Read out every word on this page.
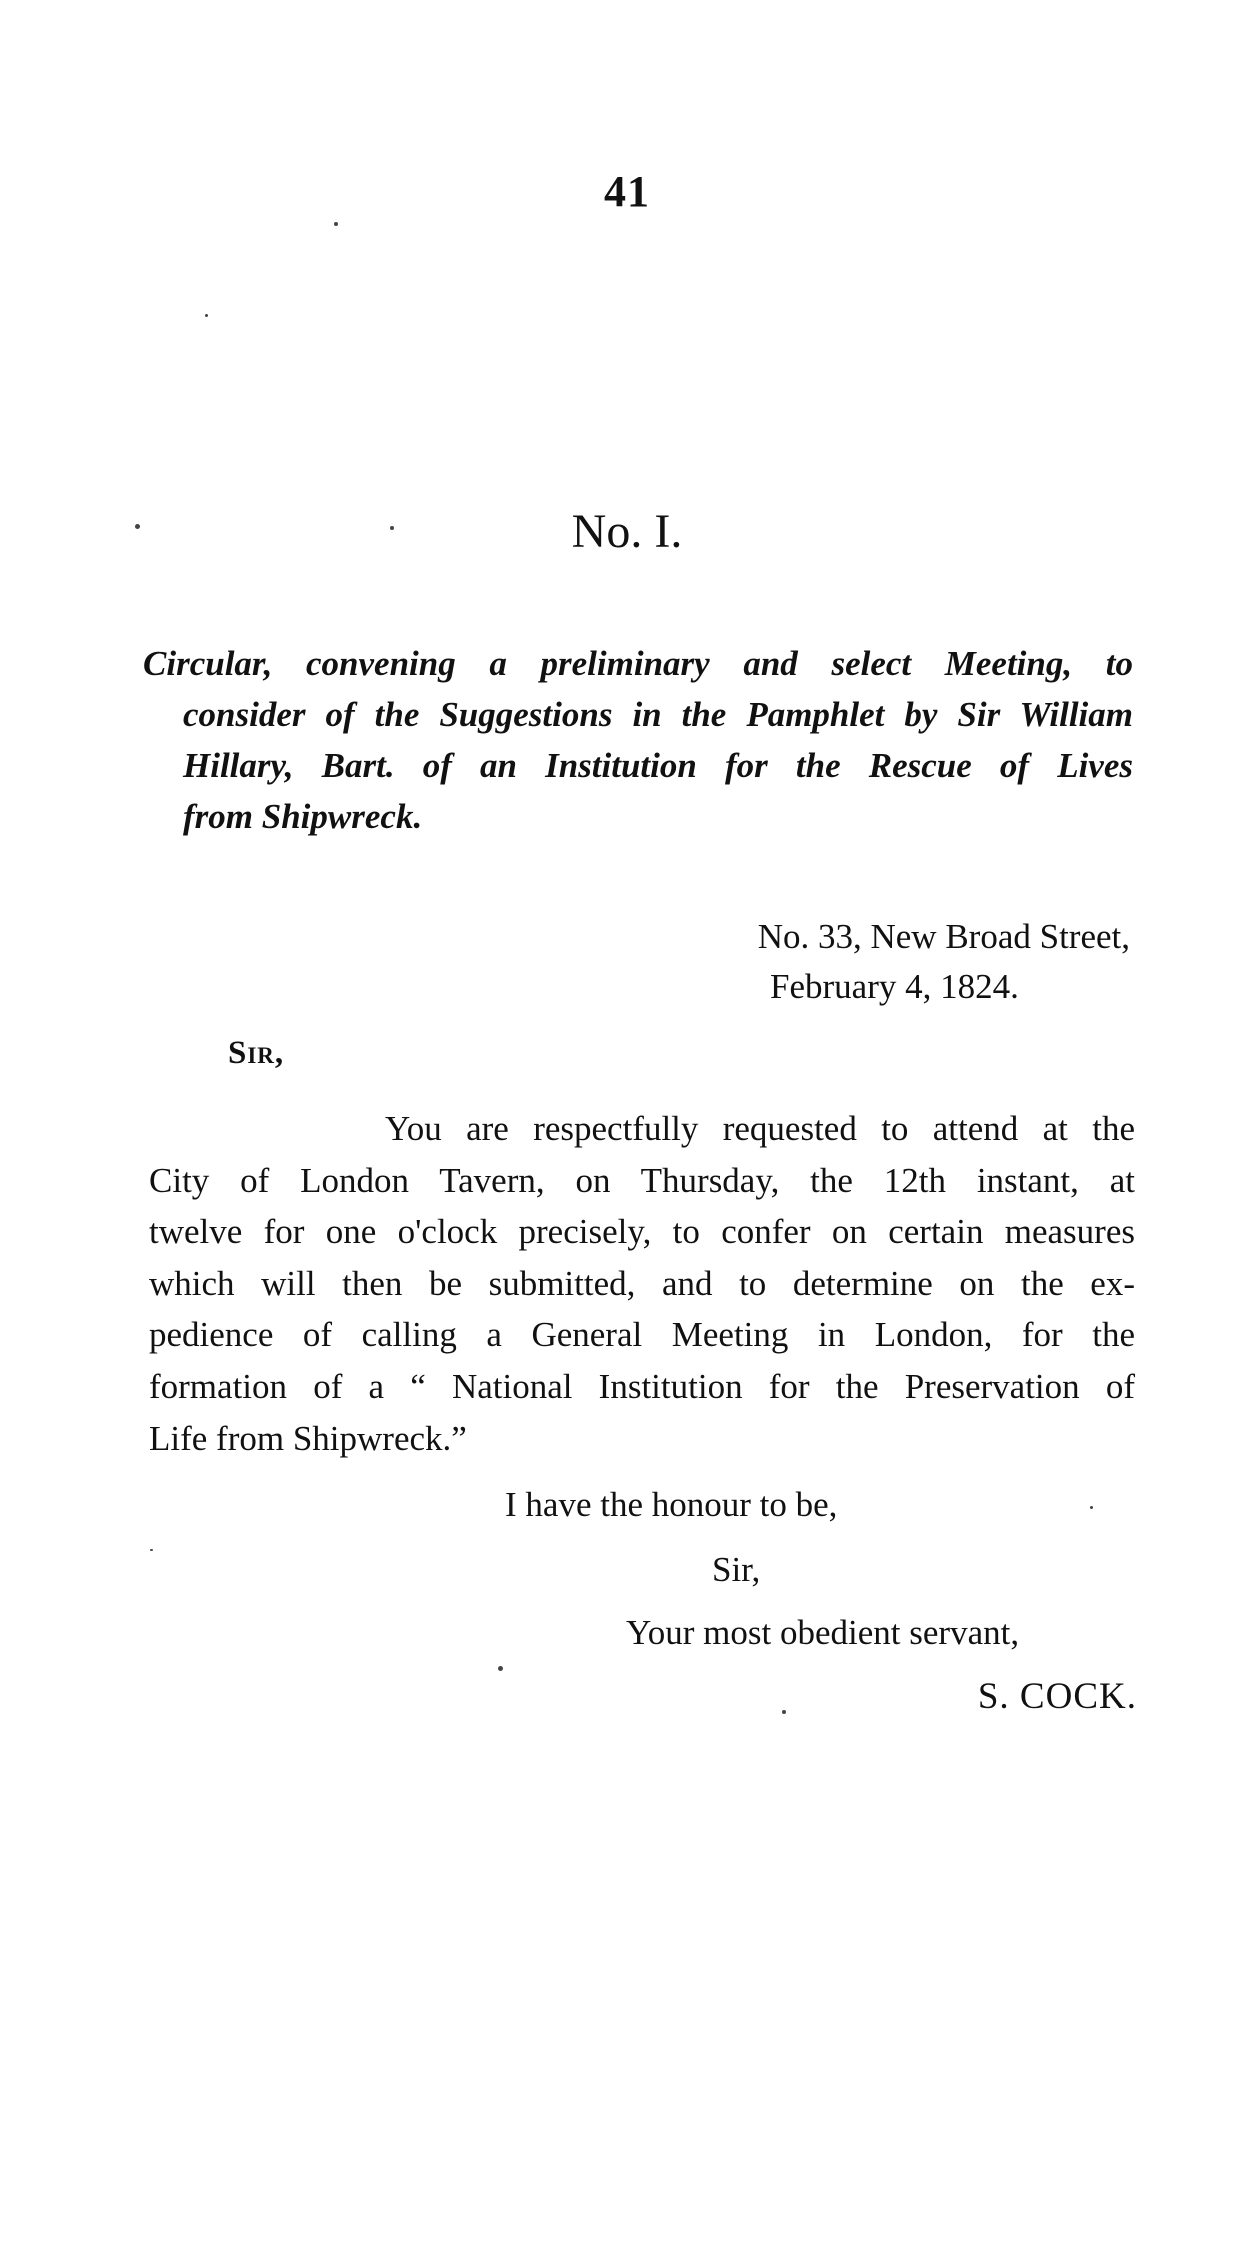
41
No. I.
Circular, convening a preliminary and select Meeting, to
consider of the Suggestions in the Pamphlet by Sir William
Hillary, Bart. of an Institution for the Rescue of Lives
from Shipwreck.
No. 33, New Broad Street,
February 4, 1824.
Sir,
You are respectfully requested to attend at the
City of London Tavern, on Thursday, the 12th instant, at
twelve for one o'clock precisely, to confer on certain measures
which will then be submitted, and to determine on the ex-
pedience of calling a General Meeting in London, for the
formation of a “ National Institution for the Preservation of
Life from Shipwreck.”
I have the honour to be,
Sir,
Your most obedient servant,
S. COCK.
